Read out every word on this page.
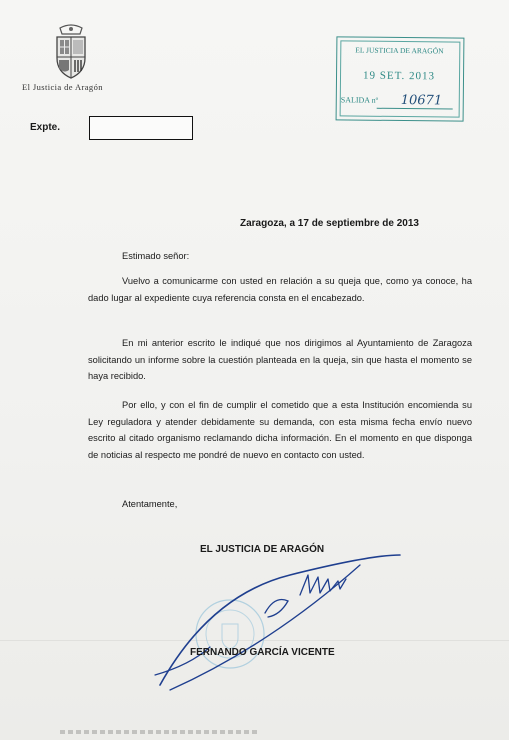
El Justicia de Aragón
EL JUSTICIA DE ARAGÓN
19 SET. 2013
SALIDA nº 10671
Expte.
Zaragoza, a 17 de septiembre de 2013
Estimado señor:
Vuelvo a comunicarme con usted en relación a su queja que, como ya conoce, ha dado lugar al expediente cuya referencia consta en el encabezado.
En mi anterior escrito le indiqué que nos dirigimos al Ayuntamiento de Zaragoza solicitando un informe sobre la cuestión planteada en la queja, sin que hasta el momento se haya recibido.
Por ello, y con el fin de cumplir el cometido que a esta Institución encomienda su Ley reguladora y atender debidamente su demanda, con esta misma fecha envío nuevo escrito al citado organismo reclamando dicha información. En el momento en que disponga de noticias al respecto me pondré de nuevo en contacto con usted.
Atentamente,
EL JUSTICIA DE ARAGÓN
FERNANDO GARCÍA VICENTE
